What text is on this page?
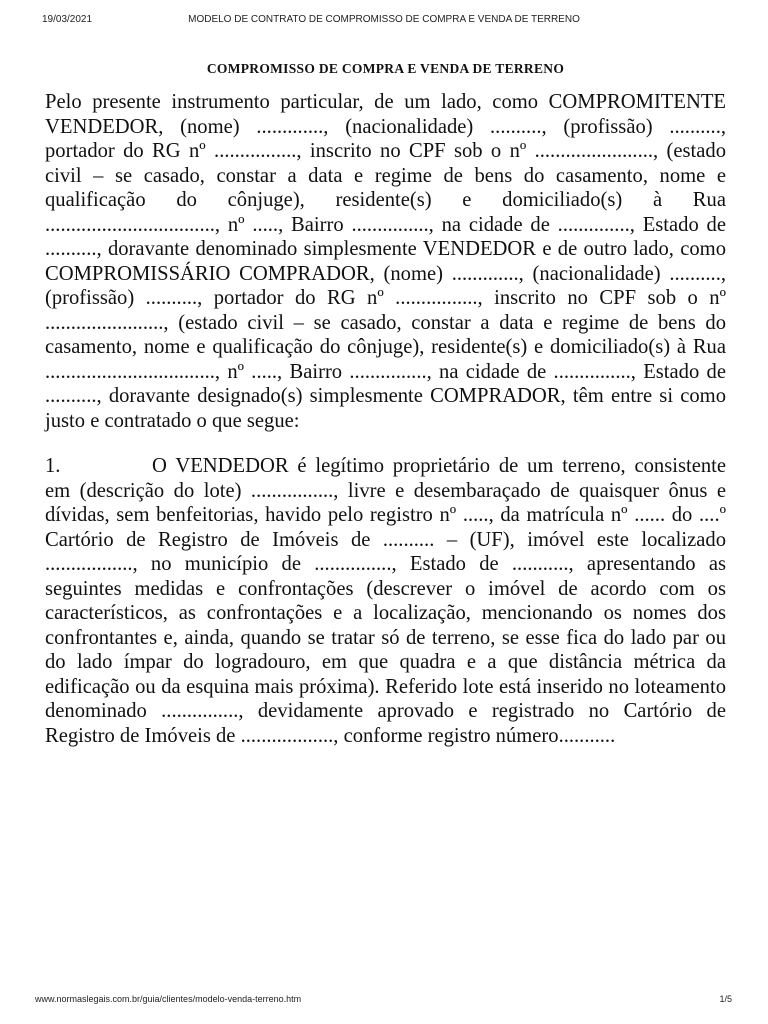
19/03/2021	MODELO DE CONTRATO DE COMPROMISSO DE COMPRA E VENDA DE TERRENO
COMPROMISSO DE COMPRA E VENDA DE TERRENO

Pelo presente instrumento particular, de um lado, como COMPROMITENTE VENDEDOR, (nome) ............., (nacionalidade) .........., (profissão) .........., portador do RG nº ................, inscrito no CPF sob o nº ......................., (estado civil – se casado, constar a data e regime de bens do casamento, nome e qualificação do cônjuge), residente(s) e domiciliado(s) à Rua ................................., nº ....., Bairro ..............., na cidade de .............., Estado de .........., doravante denominado simplesmente VENDEDOR e de outro lado, como COMPROMISSÁRIO COMPRADOR, (nome) ............., (nacionalidade) .........., (profissão) .........., portador do RG nº ................, inscrito no CPF sob o nº ......................., (estado civil – se casado, constar a data e regime de bens do casamento, nome e qualificação do cônjuge), residente(s) e domiciliado(s) à Rua ................................., nº ....., Bairro ..............., na cidade de ..............., Estado de .........., doravante designado(s) simplesmente COMPRADOR, têm entre si como justo e contratado o que segue:

1.	O VENDEDOR é legítimo proprietário de um terreno, consistente em (descrição do lote) ................, livre e desembaraçado de quaisquer ônus e dívidas, sem benfeitorias, havido pelo registro nº ....., da matrícula nº ...... do ....º Cartório de Registro de Imóveis de .......... – (UF), imóvel este localizado ................., no município de ..............., Estado de ..........., apresentando as seguintes medidas e confrontações (descrever o imóvel de acordo com os característicos, as confrontações e a localização, mencionando os nomes dos confrontantes e, ainda, quando se tratar só de terreno, se esse fica do lado par ou do lado ímpar do logradouro, em que quadra e a que distância métrica da edificação ou da esquina mais próxima). Referido lote está inserido no loteamento denominado ..............., devidamente aprovado e registrado no Cartório de Registro de Imóveis de .................., conforme registro número...........

www.normaslegais.com.br/guia/clientes/modelo-venda-terreno.htm	1/5
